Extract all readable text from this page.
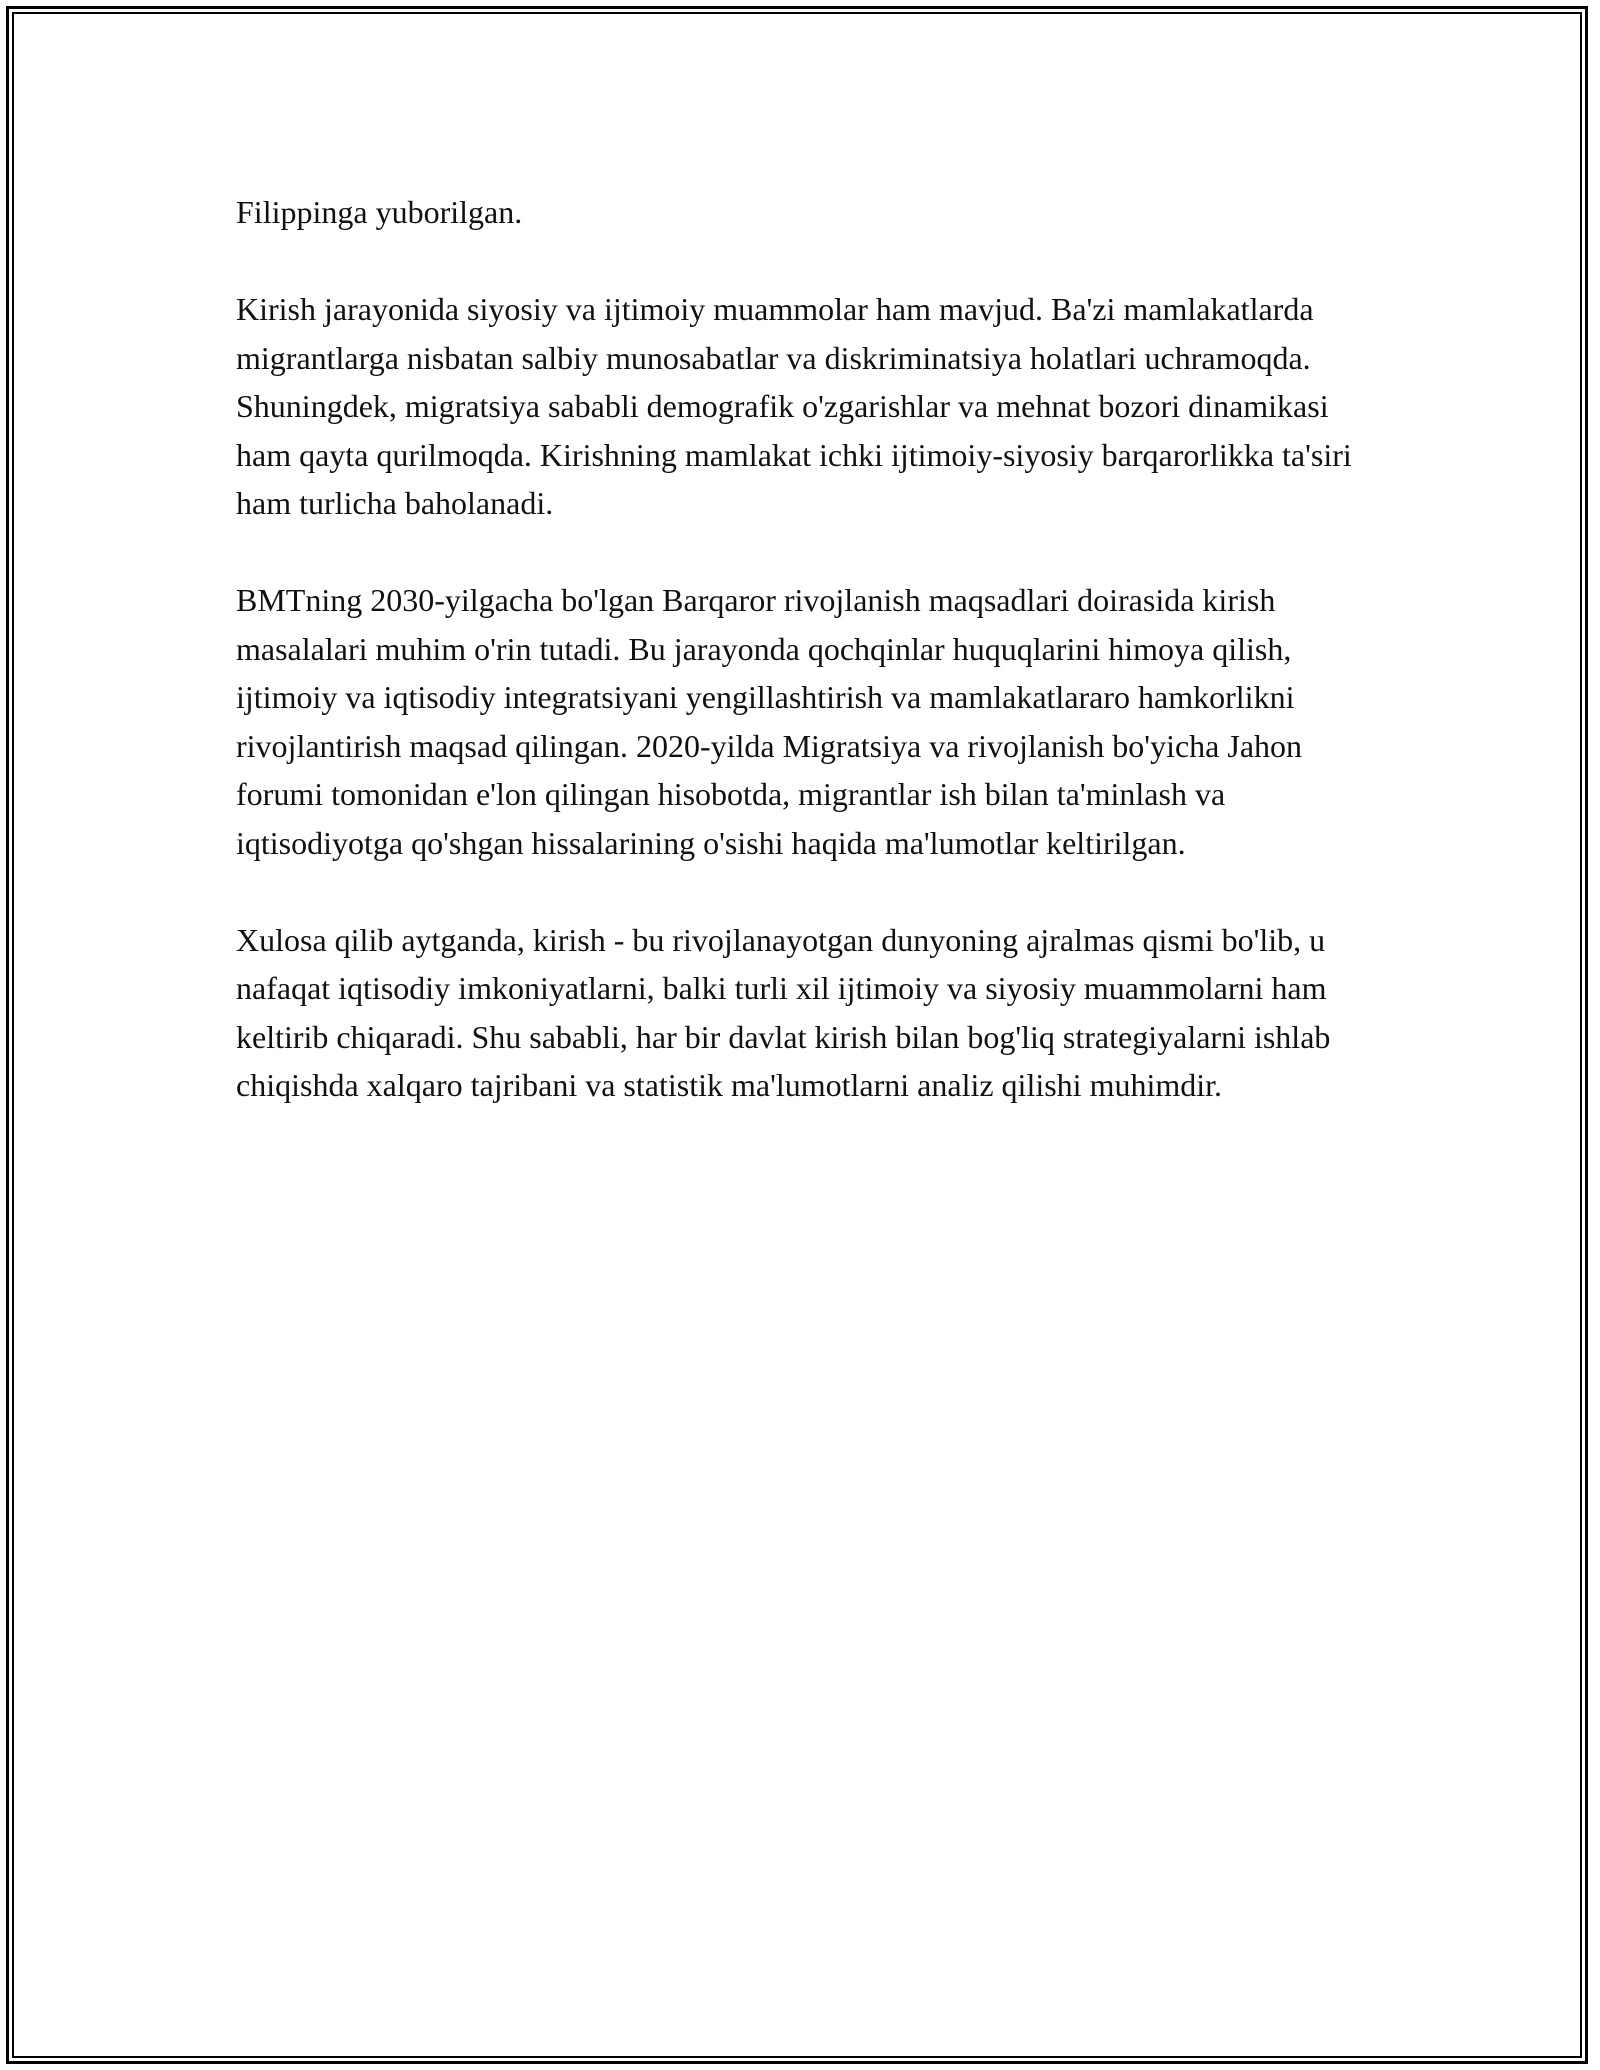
Filippinga yuborilgan.

Kirish jarayonida siyosiy va ijtimoiy muammolar ham mavjud. Ba'zi mamlakatlarda migrantlarga nisbatan salbiy munosabatlar va diskriminatsiya holatlari uchramoqda. Shuningdek, migratsiya sababli demografik o'zgarishlar va mehnat bozori dinamikasi ham qayta qurilmoqda. Kirishning mamlakat ichki ijtimoiy-siyosiy barqarorlikka ta'siri ham turlicha baholanadi.

BMTning 2030-yilgacha bo'lgan Barqaror rivojlanish maqsadlari doirasida kirish masalalari muhim o'rin tutadi. Bu jarayonda qochqinlar huquqlarini himoya qilish, ijtimoiy va iqtisodiy integratsiyani yengillashtirish va mamlakatlararo hamkorlikni rivojlantirish maqsad qilingan. 2020-yilda Migratsiya va rivojlanish bo'yicha Jahon forumi tomonidan e'lon qilingan hisobotda, migrantlar ish bilan ta'minlash va iqtisodiyotga qo'shgan hissalarining o'sishi haqida ma'lumotlar keltirilgan.

Xulosa qilib aytganda, kirish - bu rivojlanayotgan dunyoning ajralmas qismi bo'lib, u nafaqat iqtisodiy imkoniyatlarni, balki turli xil ijtimoiy va siyosiy muammolarni ham keltirib chiqaradi. Shu sababli, har bir davlat kirish bilan bog'liq strategiyalarni ishlab chiqishda xalqaro tajribani va statistik ma'lumotlarni analiz qilishi muhimdir.
